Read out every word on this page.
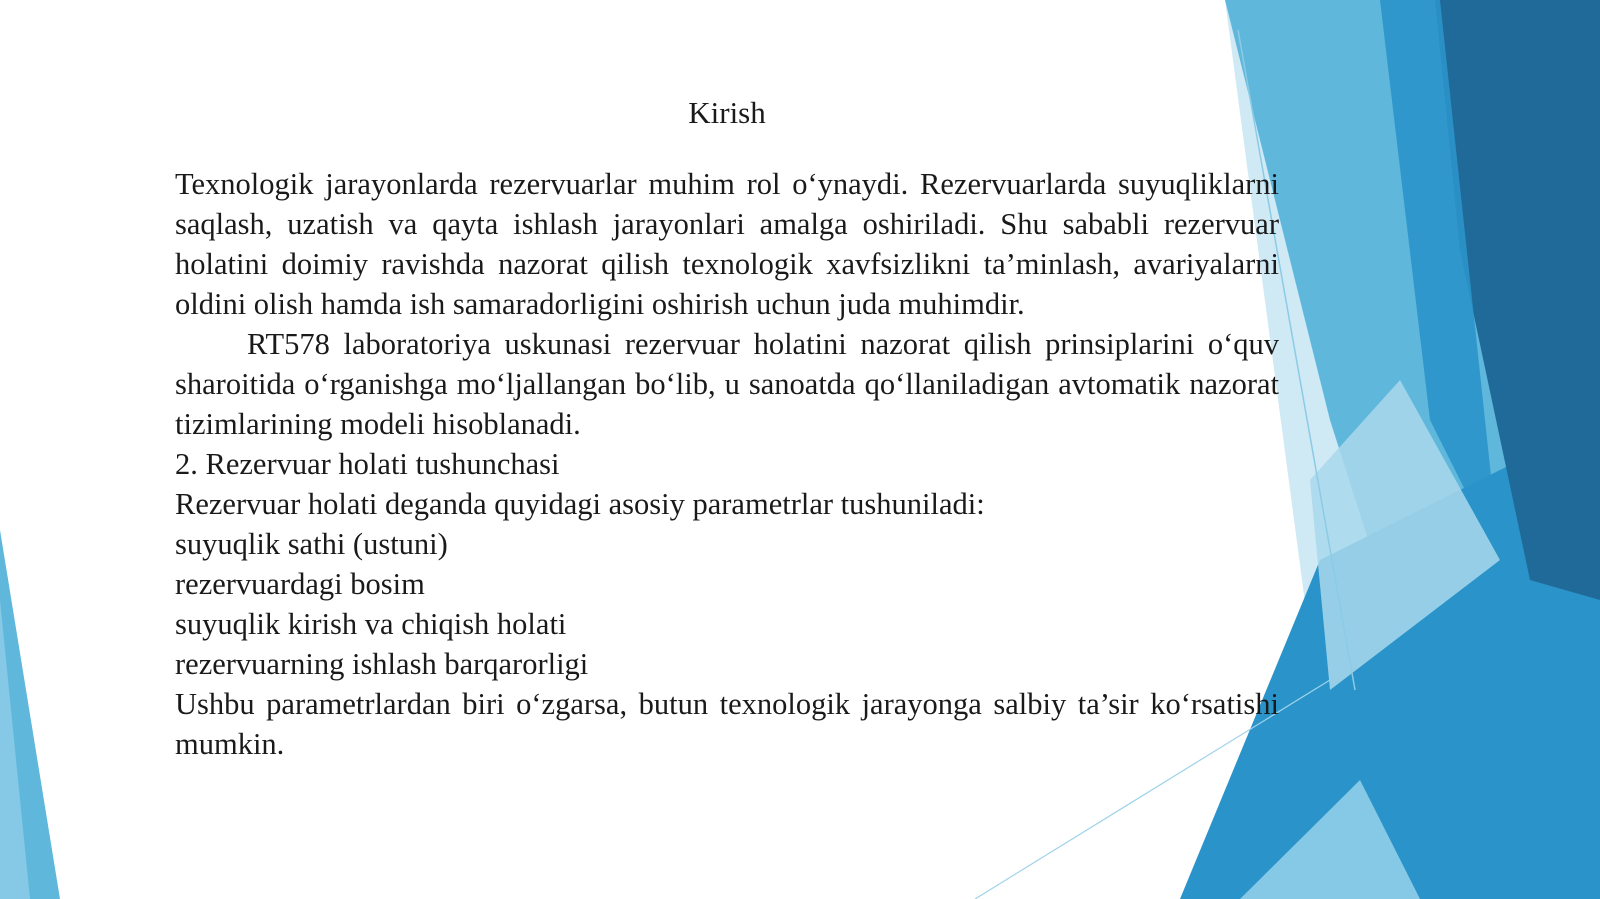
Kirish

Texnologik jarayonlarda rezervuarlar muhim rol o‘ynaydi. Rezervuarlarda suyuqliklarni saqlash, uzatish va qayta ishlash jarayonlari amalga oshiriladi. Shu sababli rezervuar holatini doimiy ravishda nazorat qilish texnologik xavfsizlikni ta’minlash, avariyalarni oldini olish hamda ish samaradorligini oshirish uchun juda muhimdir.

RT578 laboratoriya uskunasi rezervuar holatini nazorat qilish prinsiplarini o‘quv sharoitida o‘rganishga mo‘ljallangan bo‘lib, u sanoatda qo‘llaniladigan avtomatik nazorat tizimlarining modeli hisoblanadi.

2. Rezervuar holati tushunchasi

Rezervuar holati deganda quyidagi asosiy parametrlar tushuniladi:

suyuqlik sathi (ustuni)

rezervuardagi bosim

suyuqlik kirish va chiqish holati

rezervuarning ishlash barqarorligi

Ushbu parametrlardan biri o‘zgarsa, butun texnologik jarayonga salbiy ta’sir ko‘rsatishi mumkin.
